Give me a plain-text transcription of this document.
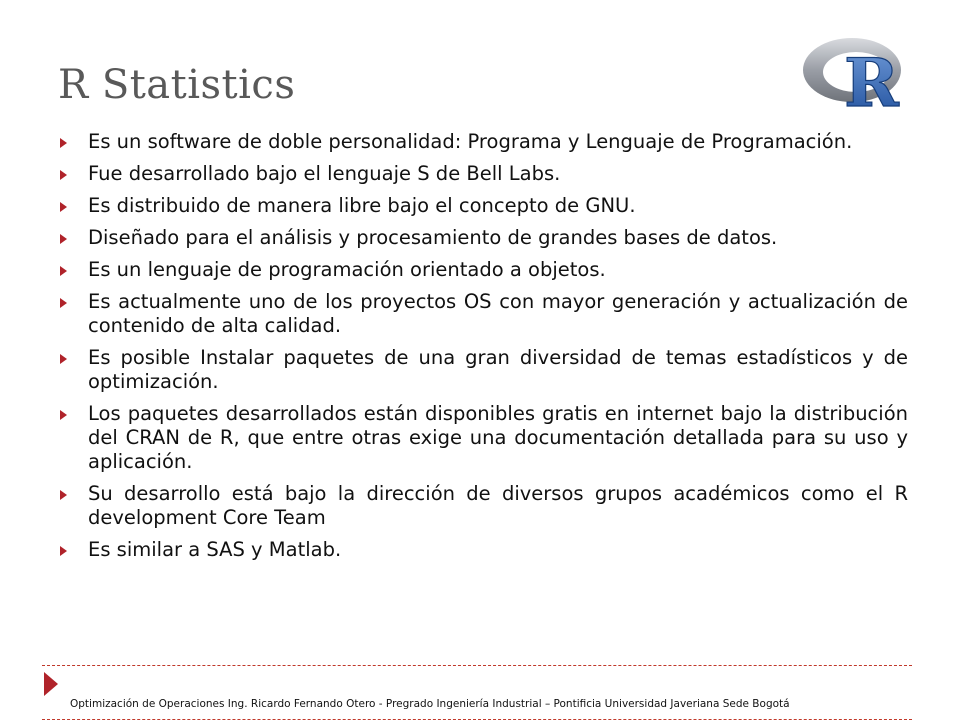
R Statistics	R
Es un software de doble personalidad: Programa y Lenguaje de Programación.
Fue desarrollado bajo el lenguaje S de Bell Labs.
Es distribuido de manera libre bajo el concepto de GNU.
Diseñado para el análisis y procesamiento de grandes bases de datos.
Es un lenguaje de programación orientado a objetos.
Es actualmente uno de los proyectos OS con mayor generación y actualización de contenido de alta calidad.
Es posible Instalar paquetes de una gran diversidad de temas estadísticos y de optimización.
Los paquetes desarrollados están disponibles gratis en internet bajo la distribución del CRAN de R, que entre otras exige una documentación detallada para su uso y aplicación.
Su desarrollo está bajo la dirección de diversos grupos académicos como el R development Core Team
Es similar a SAS y Matlab.
Optimización de Operaciones Ing. Ricardo Fernando Otero - Pregrado Ingeniería Industrial – Pontificia Universidad Javeriana Sede Bogotá
